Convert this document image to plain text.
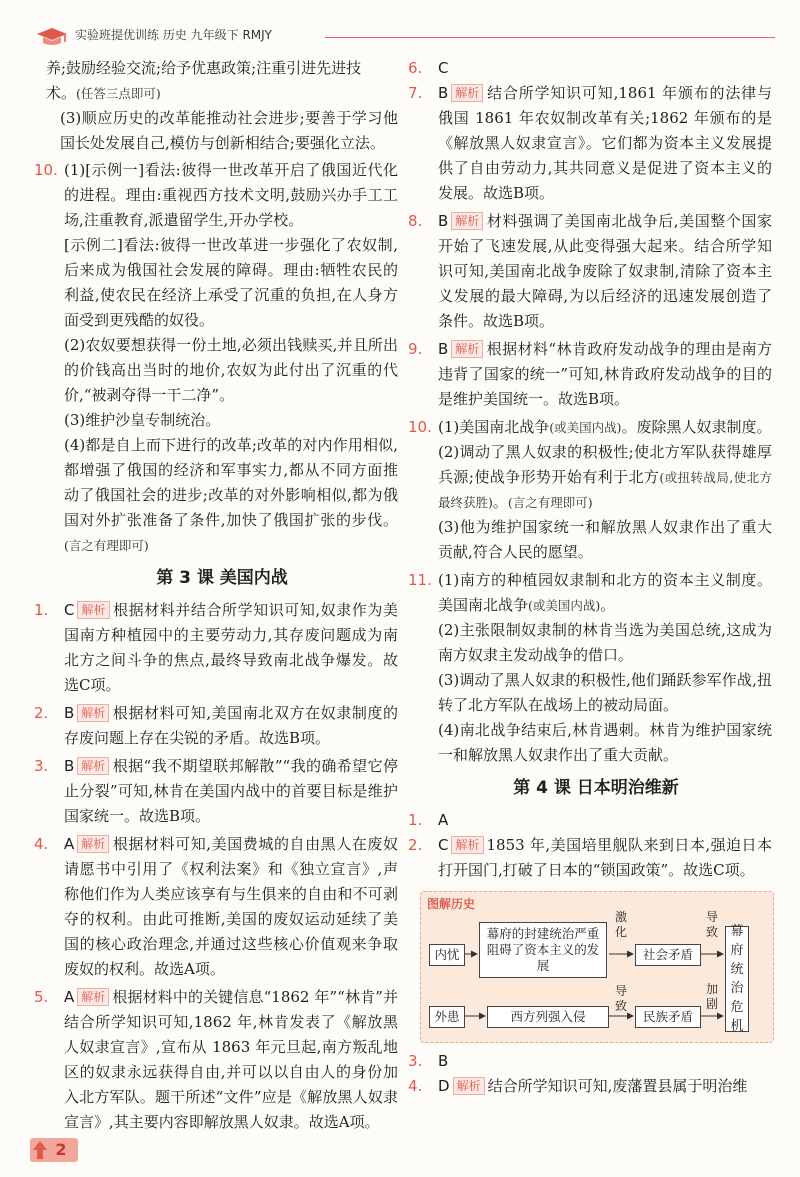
实验班提优训练 历史 九年级下 RMJY

养;鼓励经验交流;给予优惠政策;注重引进先进技
术。(任答三点即可)

(3)顺应历史的改革能推动社会进步;要善于学习他国长处发展自己,模仿与创新相结合;要强化立法。

10. (1)[示例一]看法:彼得一世改革开启了俄国近代化的进程。理由:重视西方技术文明,鼓励兴办手工工场,注重教育,派遣留学生,开办学校。

[示例二]看法:彼得一世改革进一步强化了农奴制,后来成为俄国社会发展的障碍。理由:牺牲农民的利益,使农民在经济上承受了沉重的负担,在人身方面受到更残酷的奴役。

(2)农奴要想获得一份土地,必须出钱赎买,并且所出的价钱高出当时的地价,农奴为此付出了沉重的代价,“被剥夺得一干二净”。

(3)维护沙皇专制统治。

(4)都是自上而下进行的改革;改革的对内作用相似,都增强了俄国的经济和军事实力,都从不同方面推动了俄国社会的进步;改革的对外影响相似,都为俄国对外扩张准备了条件,加快了俄国扩张的步伐。(言之有理即可)

第 3 课 美国内战
1. C 解析 根据材料并结合所学知识可知,奴隶作为美国南方种植园中的主要劳动力,其存废问题成为南北方之间斗争的焦点,最终导致南北战争爆发。故选C项。
2. B 解析 根据材料可知,美国南北双方在奴隶制度的存废问题上存在尖锐的矛盾。故选B项。
3. B 解析 根据“我不期望联邦解散”“我的确希望它停止分裂”可知,林肯在美国内战中的首要目标是维护国家统一。故选B项。
4. A 解析 根据材料可知,美国费城的自由黑人在废奴请愿书中引用了《权利法案》和《独立宣言》,声称他们作为人类应该享有与生俱来的自由和不可剥夺的权利。由此可推断,美国的废奴运动延续了美国的核心政治理念,并通过这些核心价值观来争取废奴的权利。故选A项。
5. A 解析 根据材料中的关键信息“1862 年”“林肯”并结合所学知识可知,1862 年,林肯发表了《解放黑人奴隶宣言》,宣布从 1863 年元旦起,南方叛乱地区的奴隶永远获得自由,并可以以自由人的身份加入北方军队。题干所述“文件”应是《解放黑人奴隶宣言》,其主要内容即解放黑人奴隶。故选A项。
6. C
7. B 解析 结合所学知识可知,1861 年颁布的法律与俄国 1861 年农奴制改革有关;1862 年颁布的是《解放黑人奴隶宣言》。它们都为资本主义发展提供了自由劳动力,其共同意义是促进了资本主义的发展。故选B项。
8. B 解析 材料强调了美国南北战争后,美国整个国家开始了飞速发展,从此变得强大起来。结合所学知识可知,美国南北战争废除了奴隶制,清除了资本主义发展的最大障碍,为以后经济的迅速发展创造了条件。故选B项。
9. B 解析 根据材料“林肯政府发动战争的理由是南方违背了国家的统一”可知,林肯政府发动战争的目的是维护美国统一。故选B项。
10. (1)美国南北战争(或美国内战)。废除黑人奴隶制度。

(2)调动了黑人奴隶的积极性;使北方军队获得雄厚兵源;使战争形势开始有利于北方(或扭转战局,使北方最终获胜)。(言之有理即可)

(3)他为维护国家统一和解放黑人奴隶作出了重大贡献,符合人民的愿望。

11. (1)南方的种植园奴隶制和北方的资本主义制度。美国南北战争(或美国内战)。

(2)主张限制奴隶制的林肯当选为美国总统,这成为南方奴隶主发动战争的借口。

(3)调动了黑人奴隶的积极性,他们踊跃参军作战,扭转了北方军队在战场上的被动局面。

(4)南北战争结束后,林肯遇刺。林肯为维护国家统一和解放黑人奴隶作出了重大贡献。

第 4 课 日本明治维新
1. A
2. C 解析 1853 年,美国培里舰队来到日本,强迫日本打开国门,打破了日本的“锁国政策”。故选C项。
图解历史
内忧
幕府的封建统治严重阻碍了资本主义的发展
激化
社会矛盾
导致 幕府统治危机
外患	西方列强入侵
导致
民族矛盾
加剧
3. B
4. D 解析 结合所学知识可知,废藩置县属于明治维
2
